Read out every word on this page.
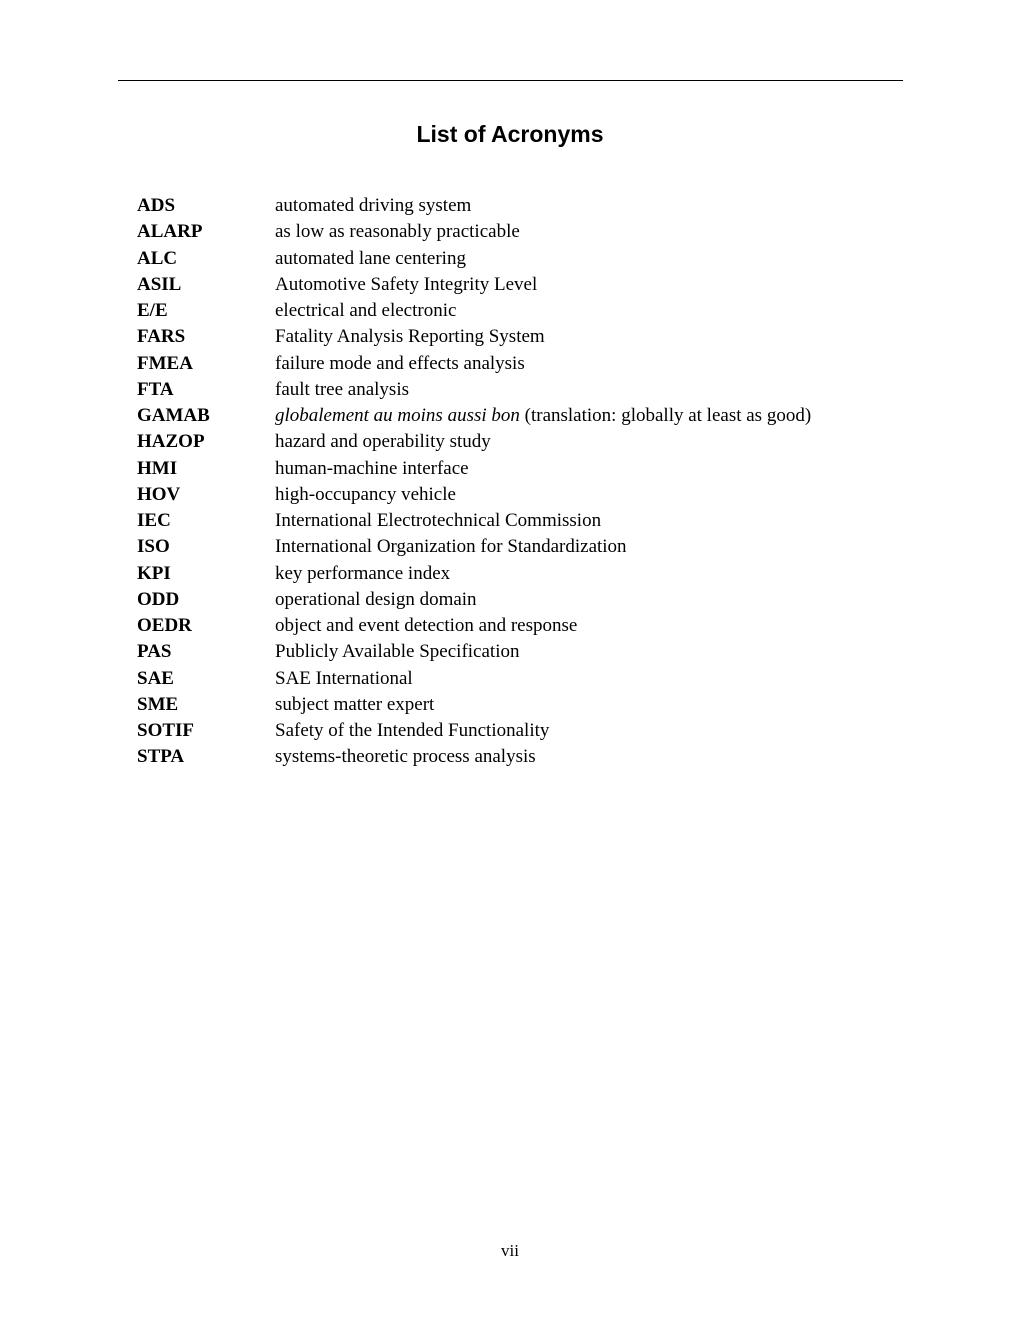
List of Acronyms
ADS	automated driving system
ALARP	as low as reasonably practicable
ALC	automated lane centering
ASIL	Automotive Safety Integrity Level
E/E	electrical and electronic
FARS	Fatality Analysis Reporting System
FMEA	failure mode and effects analysis
FTA	fault tree analysis
GAMAB	globalement au moins aussi bon (translation: globally at least as good)
HAZOP	hazard and operability study
HMI	human-machine interface
HOV	high-occupancy vehicle
IEC	International Electrotechnical Commission
ISO	International Organization for Standardization
KPI	key performance index
ODD	operational design domain
OEDR	object and event detection and response
PAS	Publicly Available Specification
SAE	SAE International
SME	subject matter expert
SOTIF	Safety of the Intended Functionality
STPA	systems-theoretic process analysis
vii
